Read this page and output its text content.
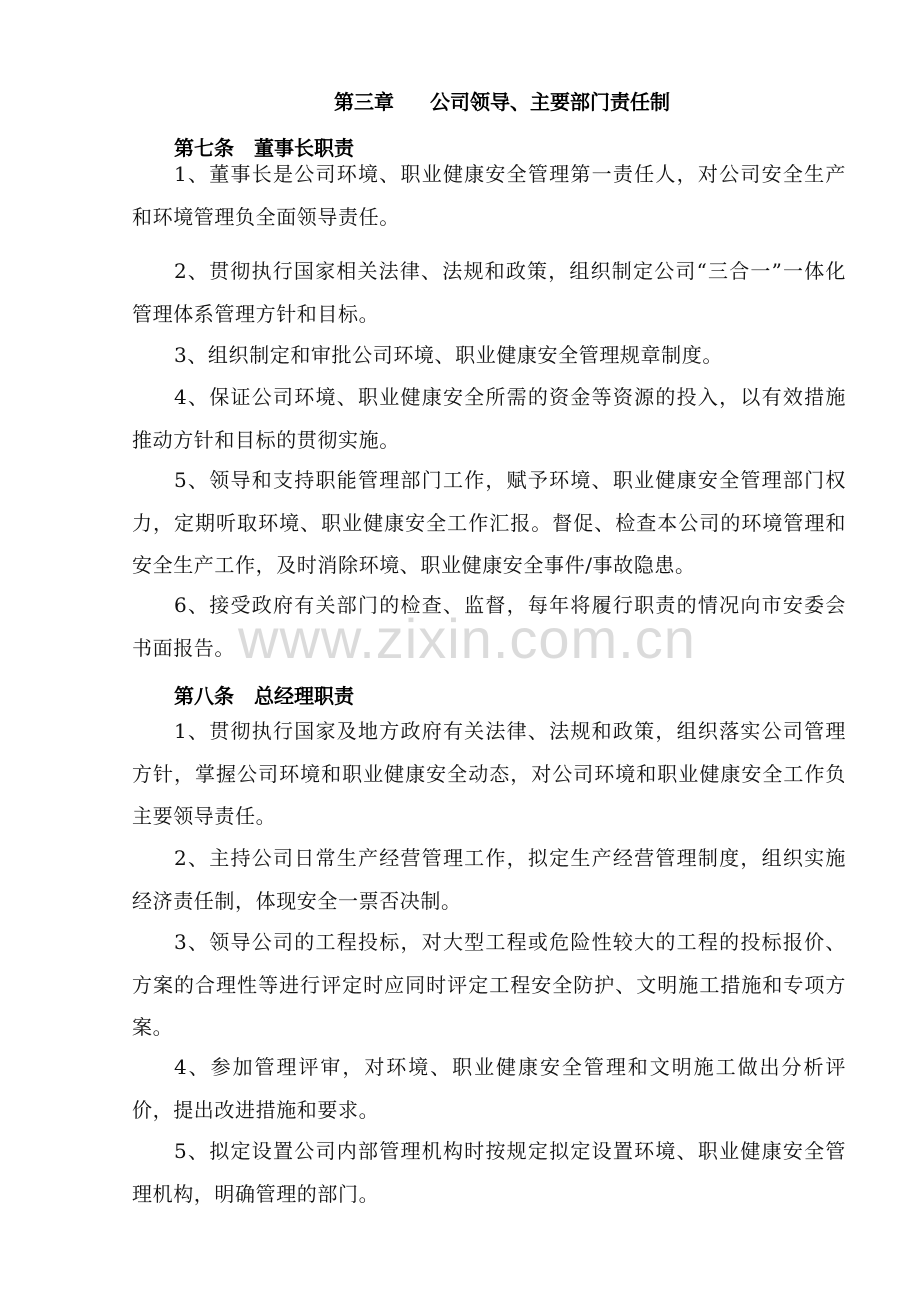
第三章 公司领导、主要部门责任制
第七条 董事长职责

1、董事长是公司环境、职业健康安全管理第一责任人，对公司安全生产和环境管理负全面领导责任。

2、贯彻执行国家相关法律、法规和政策，组织制定公司“三合一”一体化管理体系管理方针和目标。

3、组织制定和审批公司环境、职业健康安全管理规章制度。

4、保证公司环境、职业健康安全所需的资金等资源的投入，以有效措施推动方针和目标的贯彻实施。

5、领导和支持职能管理部门工作，赋予环境、职业健康安全管理部门权力，定期听取环境、职业健康安全工作汇报。督促、检查本公司的环境管理和安全生产工作，及时消除环境、职业健康安全事件/事故隐患。

6、接受政府有关部门的检查、监督，每年将履行职责的情况向市安委会书面报告。

第八条 总经理职责

1、贯彻执行国家及地方政府有关法律、法规和政策，组织落实公司管理方针，掌握公司环境和职业健康安全动态，对公司环境和职业健康安全工作负主要领导责任。

2、主持公司日常生产经营管理工作，拟定生产经营管理制度，组织实施经济责任制，体现安全一票否决制。

3、领导公司的工程投标，对大型工程或危险性较大的工程的投标报价、方案的合理性等进行评定时应同时评定工程安全防护、文明施工措施和专项方案。

4、参加管理评审，对环境、职业健康安全管理和文明施工做出分析评价，提出改进措施和要求。

5、拟定设置公司内部管理机构时按规定拟定设置环境、职业健康安全管理机构，明确管理的部门。

www.zixin.com.cn
